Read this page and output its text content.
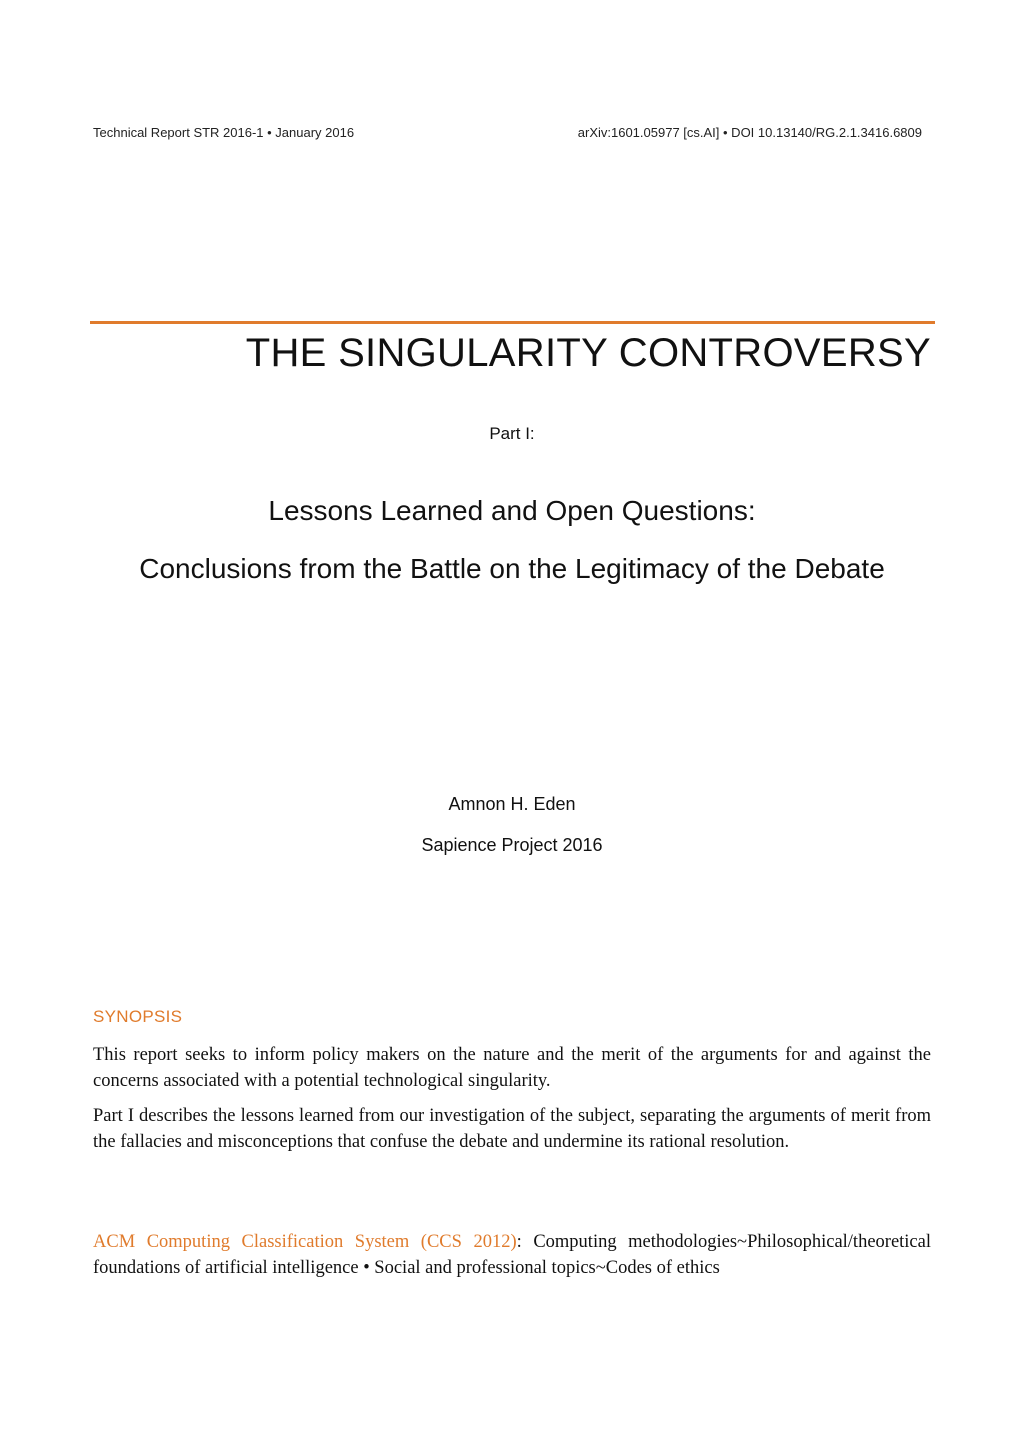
Technical Report STR 2016-1 • January 2016	arXiv:1601.05977 [cs.AI] • DOI 10.13140/RG.2.1.3416.6809
THE SINGULARITY CONTROVERSY
Part I:
Lessons Learned and Open Questions:
Conclusions from the Battle on the Legitimacy of the Debate
Amnon H. Eden
Sapience Project 2016
SYNOPSIS

This report seeks to inform policy makers on the nature and the merit of the arguments for and against the concerns associated with a potential technological singularity.

Part I describes the lessons learned from our investigation of the subject, separating the arguments of merit from the fallacies and misconceptions that confuse the debate and undermine its rational resolution.

ACM Computing Classification System (CCS 2012): Computing methodologies~Philosophical/theoretical foundations of artificial intelligence • Social and professional topics~Codes of ethics
